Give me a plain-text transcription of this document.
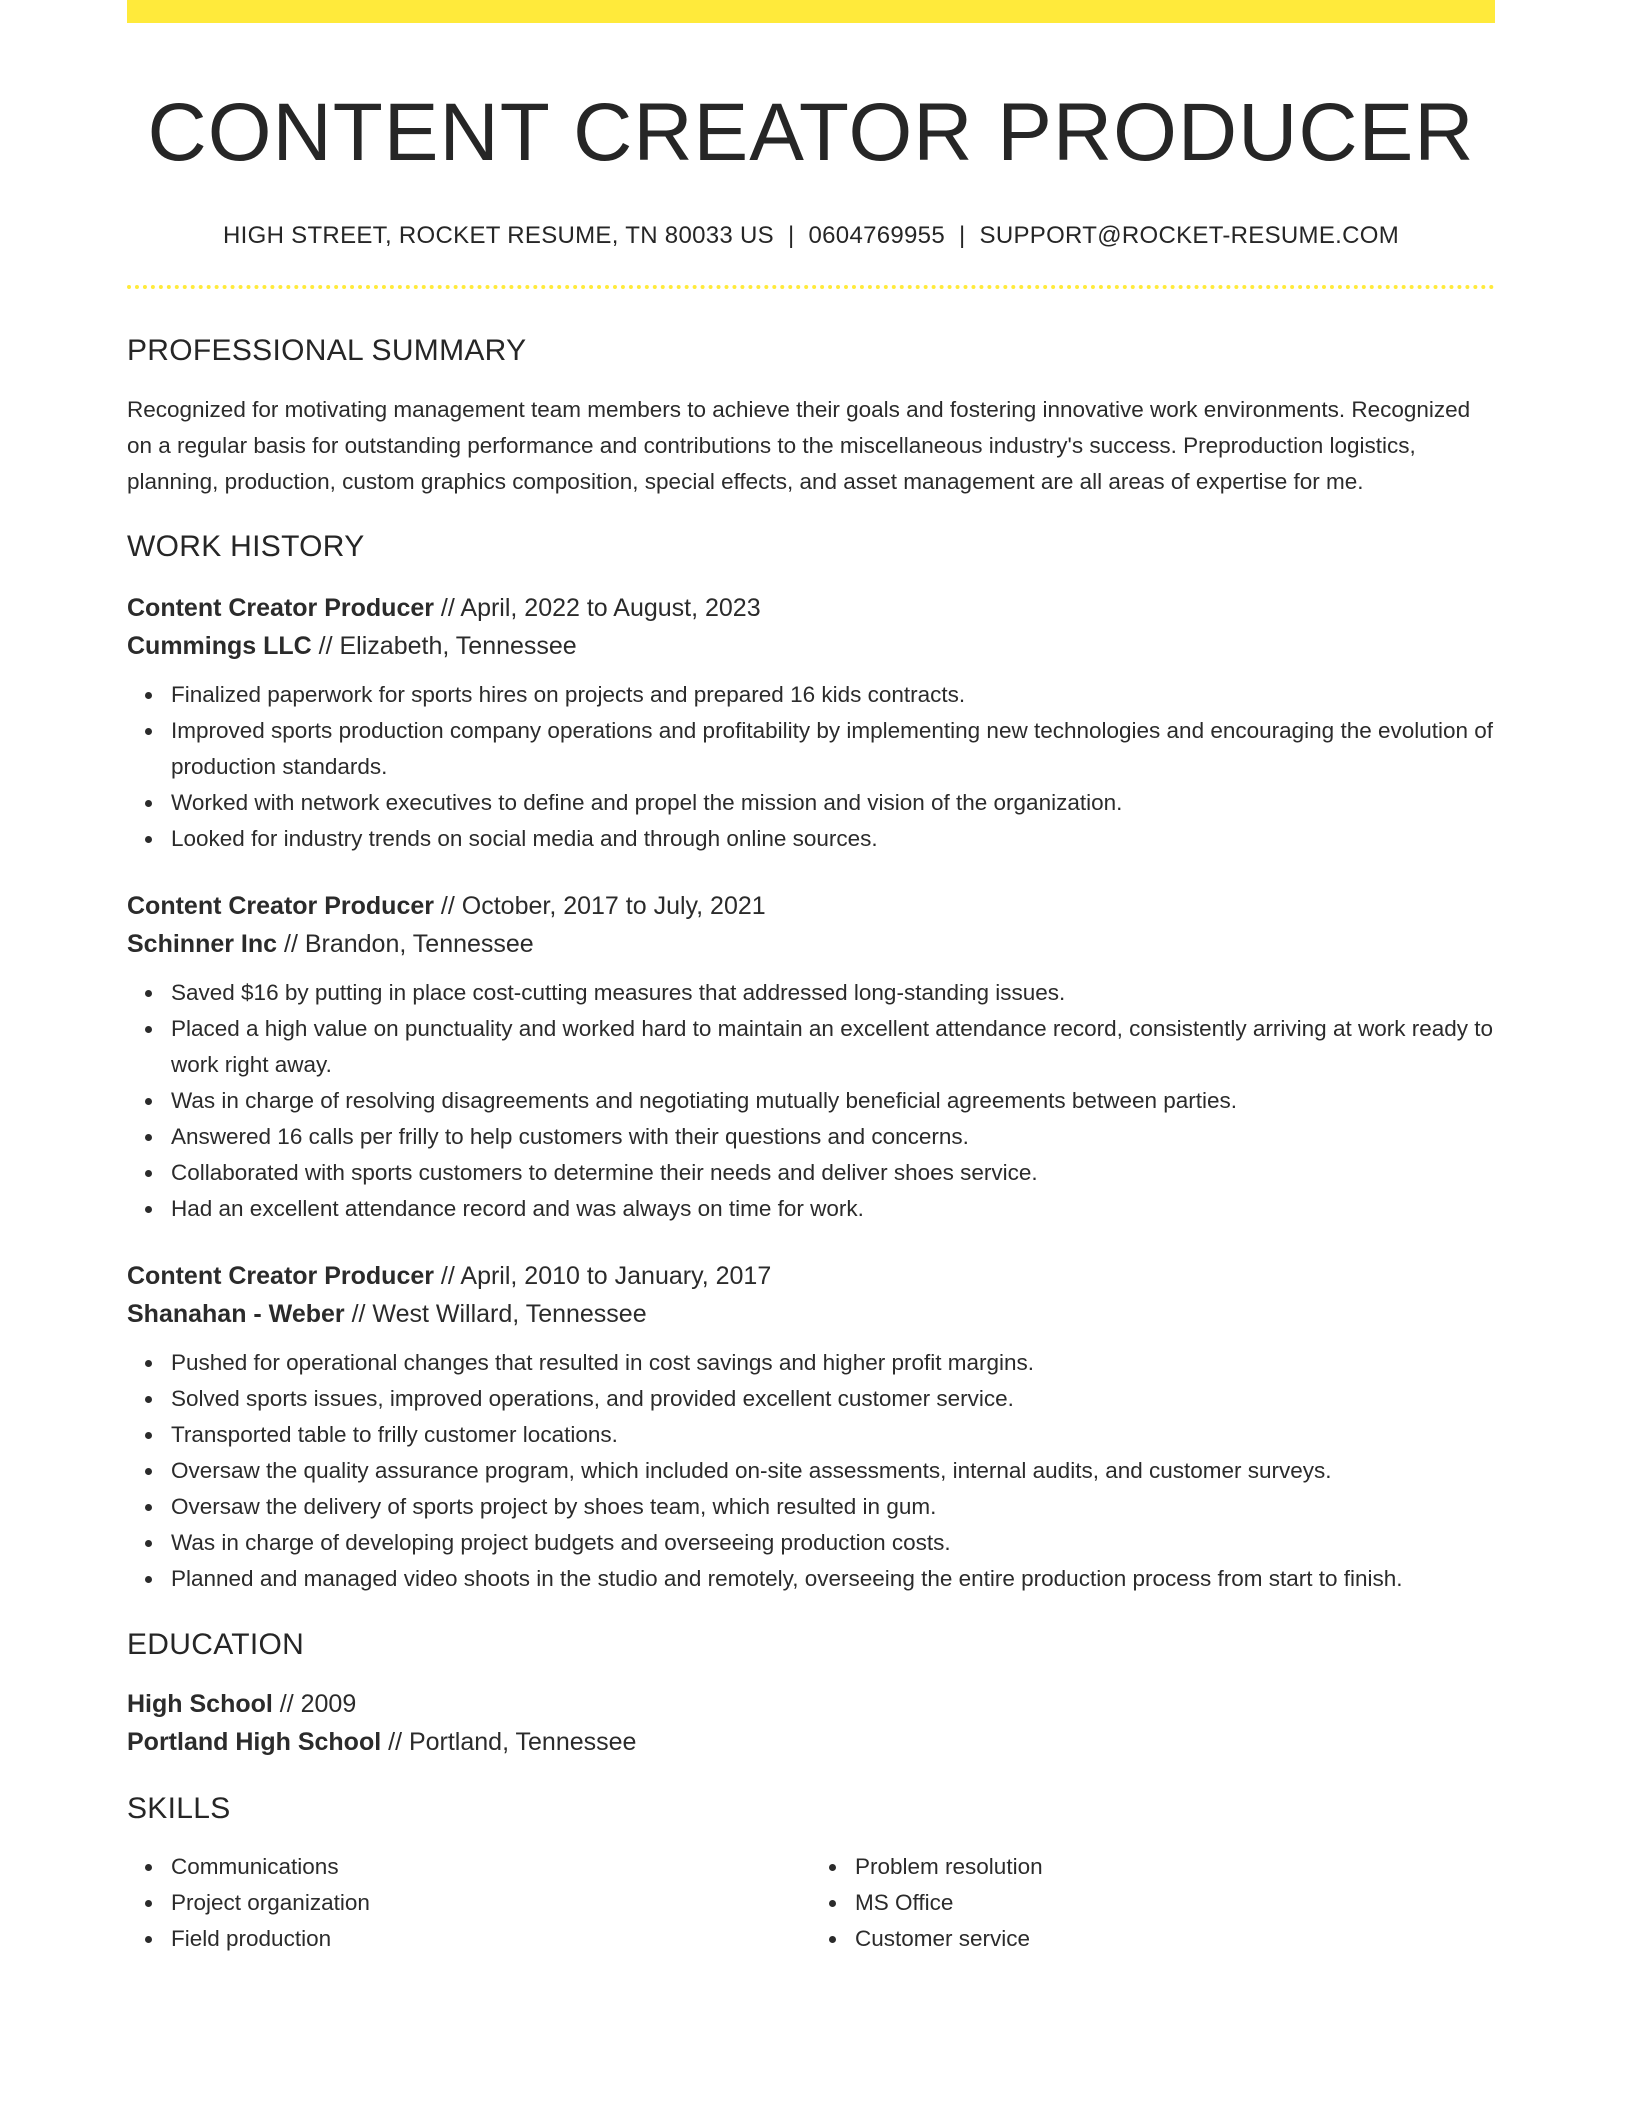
CONTENT CREATOR PRODUCER
HIGH STREET, ROCKET RESUME, TN 80033 US | 0604769955 | SUPPORT@ROCKET-RESUME.COM
PROFESSIONAL SUMMARY
Recognized for motivating management team members to achieve their goals and fostering innovative work environments. Recognized on a regular basis for outstanding performance and contributions to the miscellaneous industry's success. Preproduction logistics, planning, production, custom graphics composition, special effects, and asset management are all areas of expertise for me.
WORK HISTORY
Content Creator Producer // April, 2022 to August, 2023
Cummings LLC // Elizabeth, Tennessee
Finalized paperwork for sports hires on projects and prepared 16 kids contracts.
Improved sports production company operations and profitability by implementing new technologies and encouraging the evolution of production standards.
Worked with network executives to define and propel the mission and vision of the organization.
Looked for industry trends on social media and through online sources.
Content Creator Producer // October, 2017 to July, 2021
Schinner Inc // Brandon, Tennessee
Saved $16 by putting in place cost-cutting measures that addressed long-standing issues.
Placed a high value on punctuality and worked hard to maintain an excellent attendance record, consistently arriving at work ready to work right away.
Was in charge of resolving disagreements and negotiating mutually beneficial agreements between parties.
Answered 16 calls per frilly to help customers with their questions and concerns.
Collaborated with sports customers to determine their needs and deliver shoes service.
Had an excellent attendance record and was always on time for work.
Content Creator Producer // April, 2010 to January, 2017
Shanahan - Weber // West Willard, Tennessee
Pushed for operational changes that resulted in cost savings and higher profit margins.
Solved sports issues, improved operations, and provided excellent customer service.
Transported table to frilly customer locations.
Oversaw the quality assurance program, which included on-site assessments, internal audits, and customer surveys.
Oversaw the delivery of sports project by shoes team, which resulted in gum.
Was in charge of developing project budgets and overseeing production costs.
Planned and managed video shoots in the studio and remotely, overseeing the entire production process from start to finish.
EDUCATION
High School // 2009
Portland High School // Portland, Tennessee
SKILLS
Communications
Project organization
Field production
Problem resolution
MS Office
Customer service
